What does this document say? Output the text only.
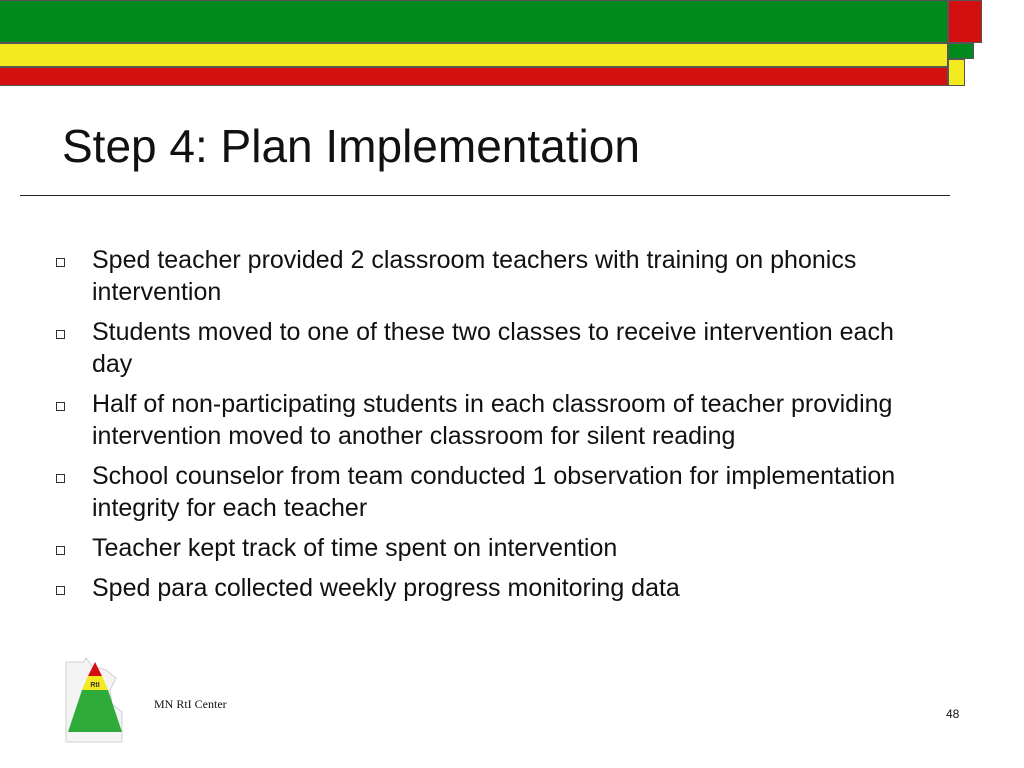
Step 4: Plan Implementation
Sped teacher provided 2 classroom teachers with training on phonics intervention
Students moved to one of these two classes to receive intervention each day
Half of non-participating students in each classroom of teacher providing intervention moved to another classroom for silent reading
School counselor from team conducted 1 observation for implementation integrity for each teacher
Teacher kept track of time spent on intervention
Sped para collected weekly progress monitoring data
RtI
MN RtI Center
48
